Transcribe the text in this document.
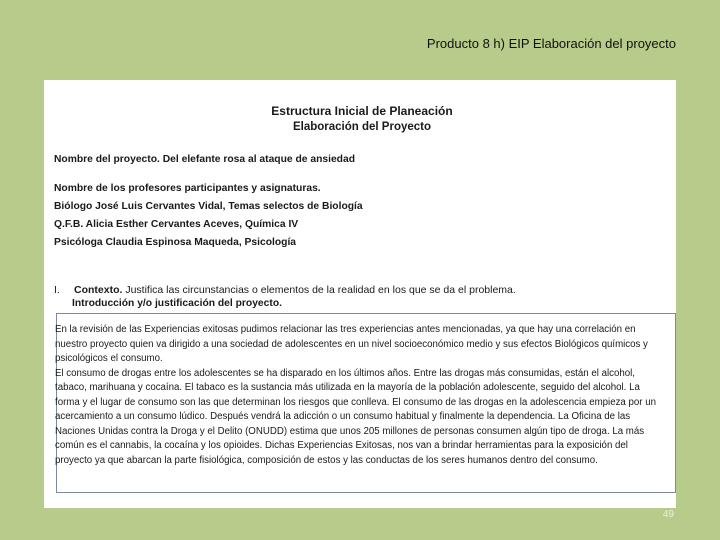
Producto 8 h) EIP Elaboración del proyecto
Estructura Inicial de Planeación
Elaboración del Proyecto
Nombre del proyecto. Del elefante rosa al ataque de ansiedad
Nombre de los profesores participantes y asignaturas.
Biólogo José Luis Cervantes Vidal, Temas selectos de Biología
Q.F.B. Alicia Esther Cervantes Aceves, Química IV
Psicóloga Claudia Espinosa Maqueda, Psicología
I. Contexto. Justifica las circunstancias o elementos de la realidad en los que se da el problema.
Introducción y/o justificación del proyecto.
En la revisión de las Experiencias exitosas pudimos relacionar las tres experiencias antes mencionadas, ya que hay una correlación en nuestro proyecto quien va dirigido a una sociedad de adolescentes en un nivel socioeconómico medio y sus efectos Biológicos químicos y psicológicos el consumo.
El consumo de drogas entre los adolescentes se ha disparado en los últimos años. Entre las drogas más consumidas, están el alcohol, tabaco, marihuana y cocaína. El tabaco es la sustancia más utilizada en la mayoría de la población adolescente, seguido del alcohol. La forma y el lugar de consumo son las que determinan los riesgos que conlleva. El consumo de las drogas en la adolescencia empieza por un acercamiento a un consumo lúdico. Después vendrá la adicción o un consumo habitual y finalmente la dependencia. La Oficina de las Naciones Unidas contra la Droga y el Delito (ONUDD) estima que unos 205 millones de personas consumen algún tipo de droga. La más común es el cannabis, la cocaína y los opioides. Dichas Experiencias Exitosas, nos van a brindar herramientas para la exposición del proyecto ya que abarcan la parte fisiológica, composición de estos y las conductas de los seres humanos dentro del consumo.
49
